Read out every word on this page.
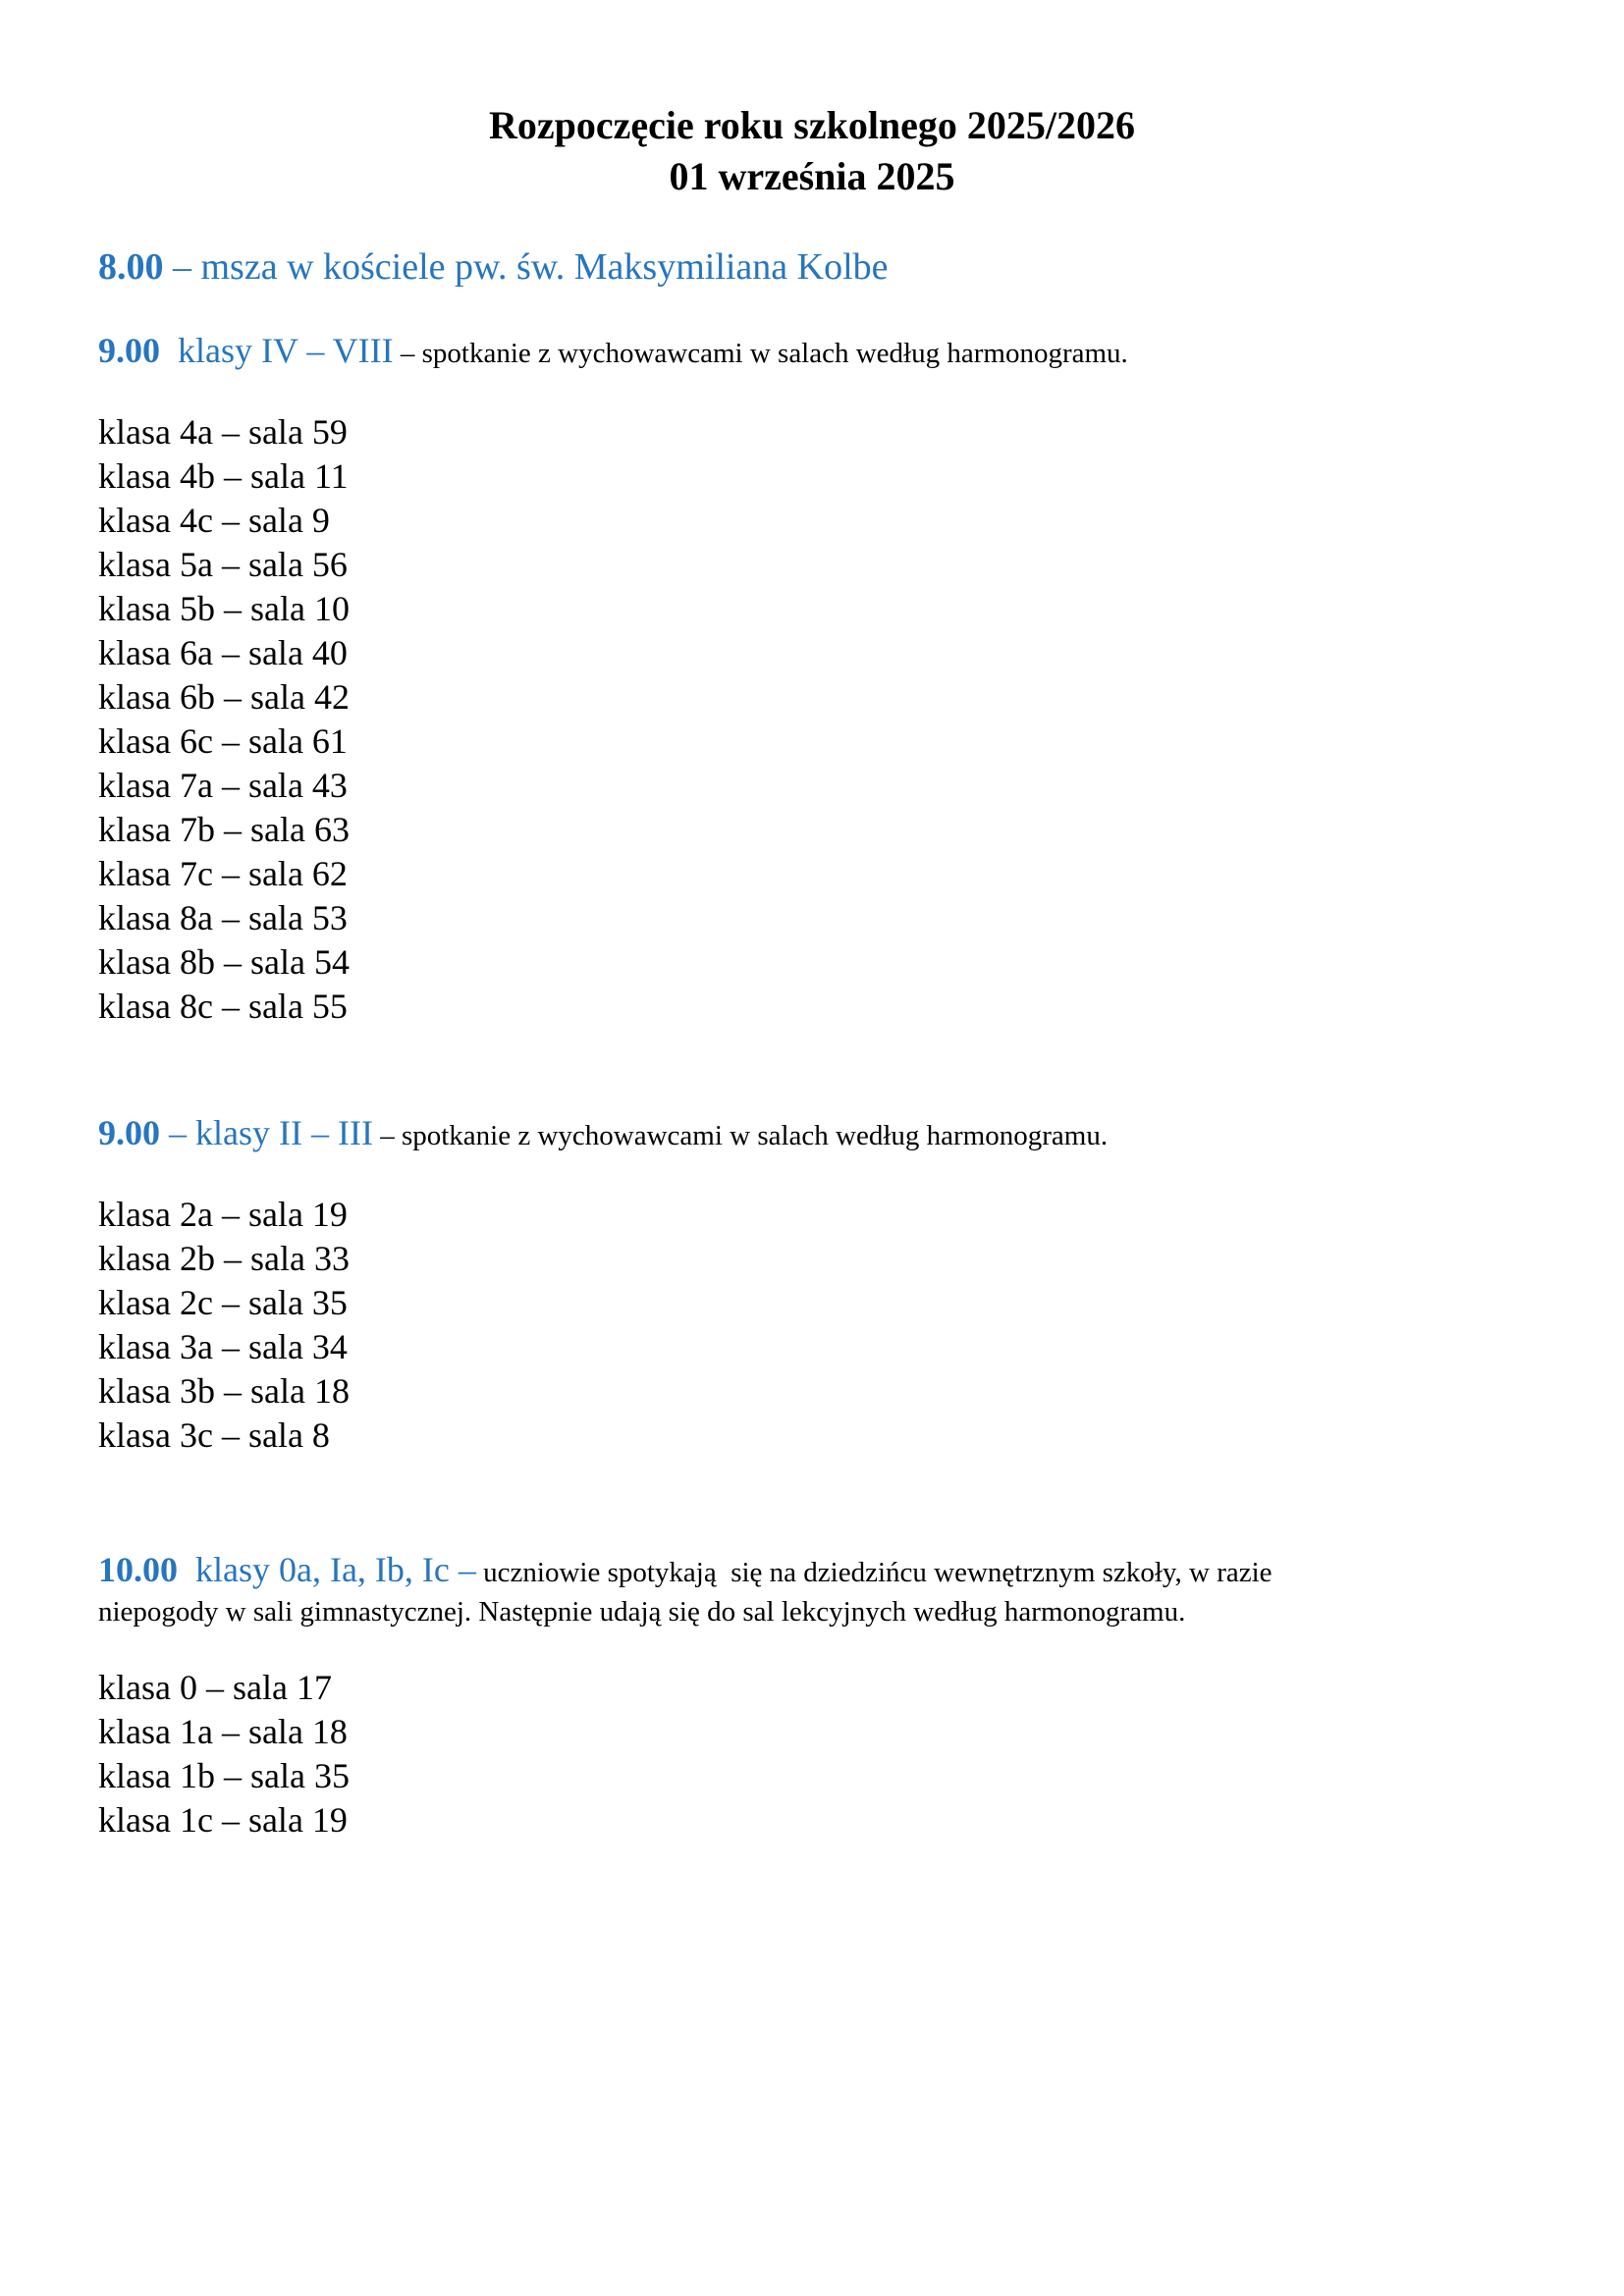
Rozpoczęcie roku szkolnego 2025/2026
01 września 2025
8.00 – msza w kościele pw. św. Maksymiliana Kolbe
9.00  klasy IV – VIII – spotkanie z wychowawcami w salach według harmonogramu.
klasa 4a – sala 59
klasa 4b – sala 11
klasa 4c – sala 9
klasa 5a – sala 56
klasa 5b – sala 10
klasa 6a – sala 40
klasa 6b – sala 42
klasa 6c – sala 61
klasa 7a – sala 43
klasa 7b – sala 63
klasa 7c – sala 62
klasa 8a – sala 53
klasa 8b – sala 54
klasa 8c – sala 55
9.00 – klasy II – III – spotkanie z wychowawcami w salach według harmonogramu.
klasa 2a – sala 19
klasa 2b – sala 33
klasa 2c – sala 35
klasa 3a – sala 34
klasa 3b – sala 18
klasa 3c – sala 8
10.00  klasy 0a, Ia, Ib, Ic – uczniowie spotykają  się na dziedzińcu wewnętrznym szkoły, w razie
niepogody w sali gimnastycznej. Następnie udają się do sal lekcyjnych według harmonogramu.
klasa 0 – sala 17
klasa 1a – sala 18
klasa 1b – sala 35
klasa 1c – sala 19
